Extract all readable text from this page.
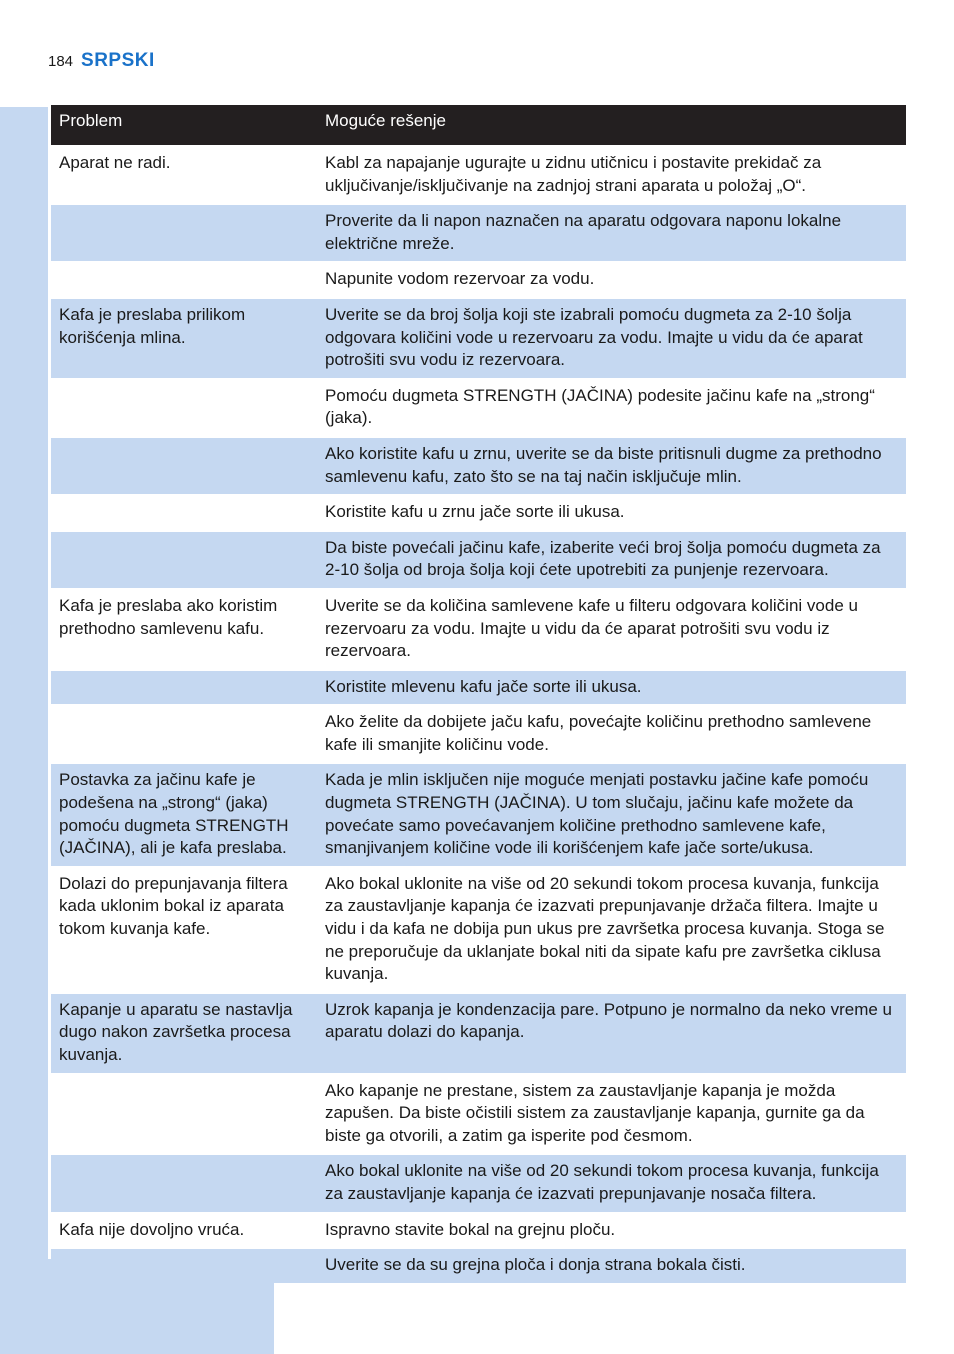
184 SRPSKI
Problem	Moguće rešenje
Aparat ne radi.	Kabl za napajanje ugurajte u zidnu utičnicu i postavite prekidač za uključivanje/isključivanje na zadnjoj strani aparata u položaj „O“.
	Proverite da li napon naznačen na aparatu odgovara naponu lokalne električne mreže.
	Napunite vodom rezervoar za vodu.
Kafa je preslaba prilikom korišćenja mlina.	Uverite se da broj šolja koji ste izabrali pomoću dugmeta za 2-10 šolja odgovara količini vode u rezervoaru za vodu. Imajte u vidu da će aparat potrošiti svu vodu iz rezervoara.
	Pomoću dugmeta STRENGTH (JAČINA) podesite jačinu kafe na „strong“ (jaka).
	Ako koristite kafu u zrnu, uverite se da biste pritisnuli dugme za prethodno samlevenu kafu, zato što se na taj način isključuje mlin.
	Koristite kafu u zrnu jače sorte ili ukusa.
	Da biste povećali jačinu kafe, izaberite veći broj šolja pomoću dugmeta za 2-10 šolja od broja šolja koji ćete upotrebiti za punjenje rezervoara.
Kafa je preslaba ako koristim prethodno samlevenu kafu.	Uverite se da količina samlevene kafe u filteru odgovara količini vode u rezervoaru za vodu. Imajte u vidu da će aparat potrošiti svu vodu iz rezervoara.
	Koristite mlevenu kafu jače sorte ili ukusa.
	Ako želite da dobijete jaču kafu, povećajte količinu prethodno samlevene kafe ili smanjite količinu vode.
Postavka za jačinu kafe je podešena na „strong“ (jaka) pomoću dugmeta STRENGTH (JAČINA), ali je kafa preslaba.	Kada je mlin isključen nije moguće menjati postavku jačine kafe pomoću dugmeta STRENGTH (JAČINA). U tom slučaju, jačinu kafe možete da povećate samo povećavanjem količine prethodno samlevene kafe, smanjivanjem količine vode ili korišćenjem kafe jače sorte/ukusa.
Dolazi do prepunjavanja filtera kada uklonim bokal iz aparata tokom kuvanja kafe.	Ako bokal uklonite na više od 20 sekundi tokom procesa kuvanja, funkcija za zaustavljanje kapanja će izazvati prepunjavanje držača filtera. Imajte u vidu i da kafa ne dobija pun ukus pre završetka procesa kuvanja. Stoga se ne preporučuje da uklanjate bokal niti da sipate kafu pre završetka ciklusa kuvanja.
Kapanje u aparatu se nastavlja dugo nakon završetka procesa kuvanja.	Uzrok kapanja je kondenzacija pare. Potpuno je normalno da neko vreme u aparatu dolazi do kapanja.
	Ako kapanje ne prestane, sistem za zaustavljanje kapanja je možda zapušen. Da biste očistili sistem za zaustavljanje kapanja, gurnite ga da biste ga otvorili, a zatim ga isperite pod česmom.
	Ako bokal uklonite na više od 20 sekundi tokom procesa kuvanja, funkcija za zaustavljanje kapanja će izazvati prepunjavanje nosača filtera.
Kafa nije dovoljno vruća.	Ispravno stavite bokal na grejnu ploču.
	Uverite se da su grejna ploča i donja strana bokala čisti.
